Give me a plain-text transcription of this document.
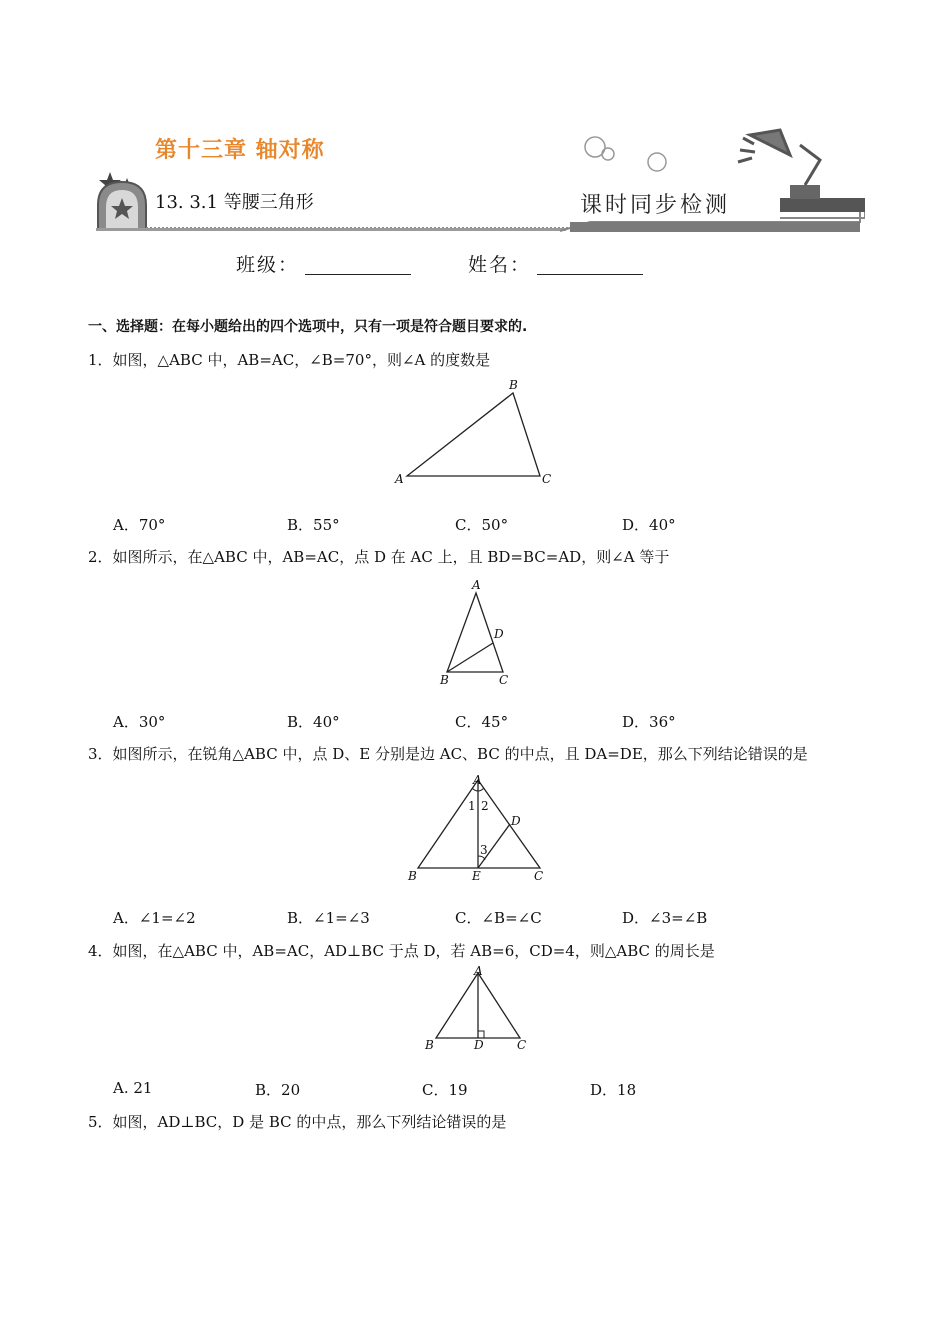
第十三章 轴对称
13. 3.1 等腰三角形	课时同步检测
班级：	姓名：
一、选择题：在每小题给出的四个选项中，只有一项是符合题目要求的.
1．如图，△ABC 中，AB=AC，∠B=70°，则∠A 的度数是
A
B
C
A．70°	B．55°	C．50°	D．40°
2．如图所示，在△ABC 中，AB=AC，点 D 在 AC 上，且 BD=BC=AD，则∠A 等于
A
B	C
D
A．30°	B．40°	C．45°	D．36°
3．如图所示，在锐角△ABC 中，点 D、E 分别是边 AC、BC 的中点，且 DA=DE，那么下列结论错误的是
A
B	C
D
E
1 2
3
A．∠1=∠2	B．∠1=∠3	C．∠B=∠C	D．∠3=∠B
4．如图，在△ABC 中，AB=AC，AD⊥BC 于点 D，若 AB=6，CD=4，则△ABC 的周长是
A
B	C
D
A. 21	B．20	C．19	D．18
5．如图，AD⊥BC，D 是 BC 的中点，那么下列结论错误的是
